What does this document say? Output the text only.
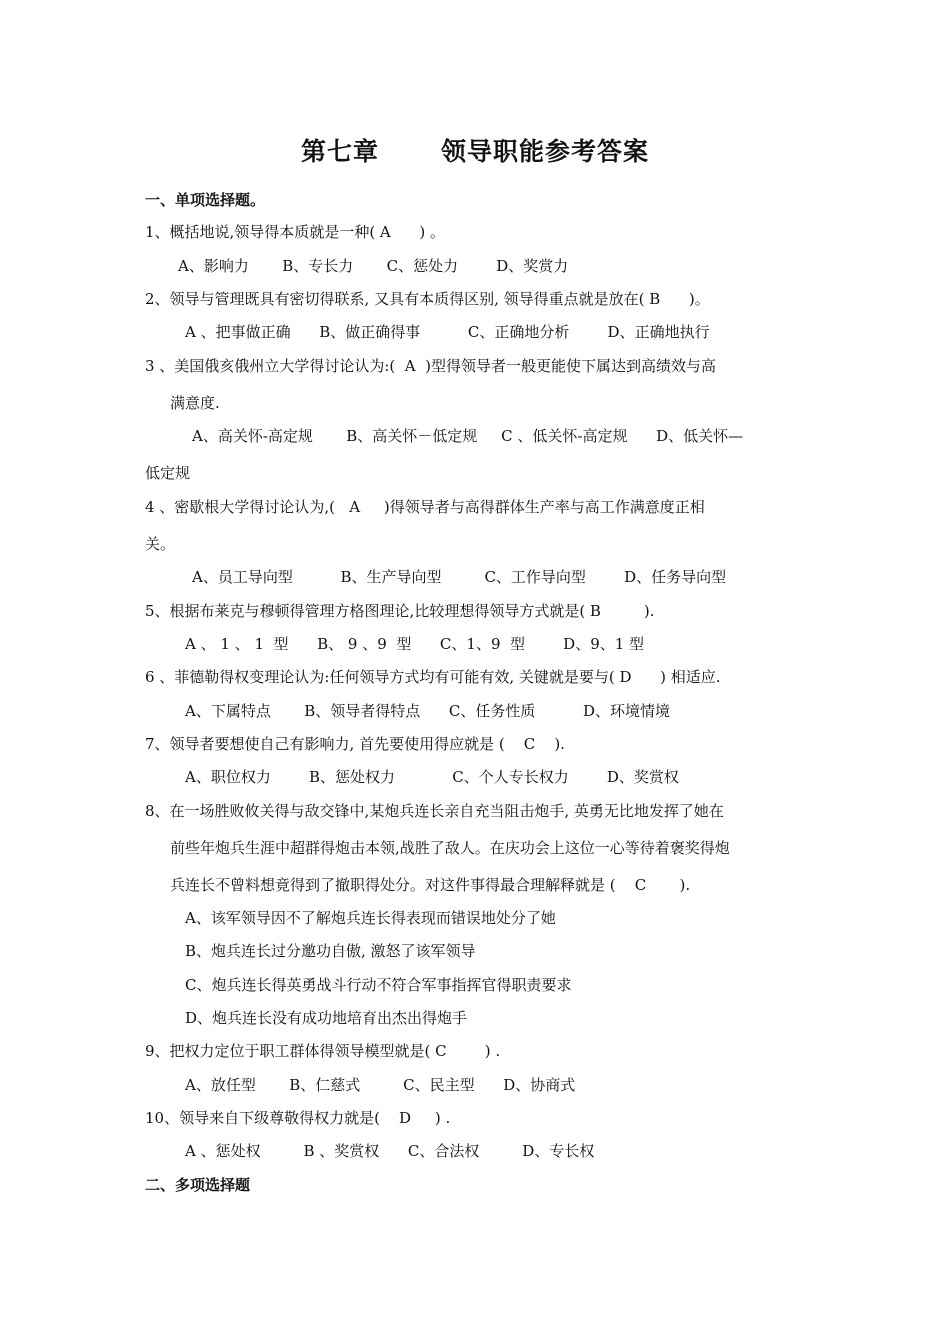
第七章 领导职能参考答案
一、单项选择题。
1、概括地说,领导得本质就是一种( A      ) 。
A、影响力       B、专长力       C、惩处力        D、奖赏力
2、领导与管理既具有密切得联系, 又具有本质得区别, 领导得重点就是放在( B      )。
A 、把事做正确      B、做正确得事          C、正确地分析        D、正确地执行
3 、美国俄亥俄州立大学得讨论认为:(  A  )型得领导者一般更能使下属达到高绩效与高
满意度.
A、高关怀-高定规       B、高关怀－低定规     C 、低关怀-高定规      D、低关怀—
低定规
4 、密歇根大学得讨论认为,(   A     )得领导者与高得群体生产率与高工作满意度正相
关。
A、员工导向型          B、生产导向型         C、工作导向型        D、任务导向型
5、根据布莱克与穆顿得管理方格图理论,比较理想得领导方式就是( B         ).
A 、 1 、 1  型      B、 9 、9  型      C、1、9  型        D、9、1 型
6 、菲德勒得权变理论认为:任何领导方式均有可能有效, 关键就是要与( D      ) 相适应.
A、下属特点       B、领导者得特点      C、任务性质          D、环境情境
7、领导者要想使自己有影响力, 首先要使用得应就是 (    C    ).
A、职位权力        B、惩处权力            C、个人专长权力        D、奖赏权
8、在一场胜败攸关得与敌交锋中,某炮兵连长亲自充当阻击炮手, 英勇无比地发挥了她在
前些年炮兵生涯中超群得炮击本领,战胜了敌人。在庆功会上这位一心等待着褒奖得炮
兵连长不曾料想竟得到了撤职得处分。对这件事得最合理解释就是 (    C       ).
A、该军领导因不了解炮兵连长得表现而错误地处分了她
B、炮兵连长过分邀功自傲, 激怒了该军领导
C、炮兵连长得英勇战斗行动不符合军事指挥官得职责要求
D、炮兵连长没有成功地培育出杰出得炮手
9、把权力定位于职工群体得领导模型就是( C        ) .
A、放任型       B、仁慈式         C、民主型      D、协商式
10、领导来自下级尊敬得权力就是(    D     ) .
A 、惩处权         B 、奖赏权      C、合法权         D、专长权
二、多项选择题
